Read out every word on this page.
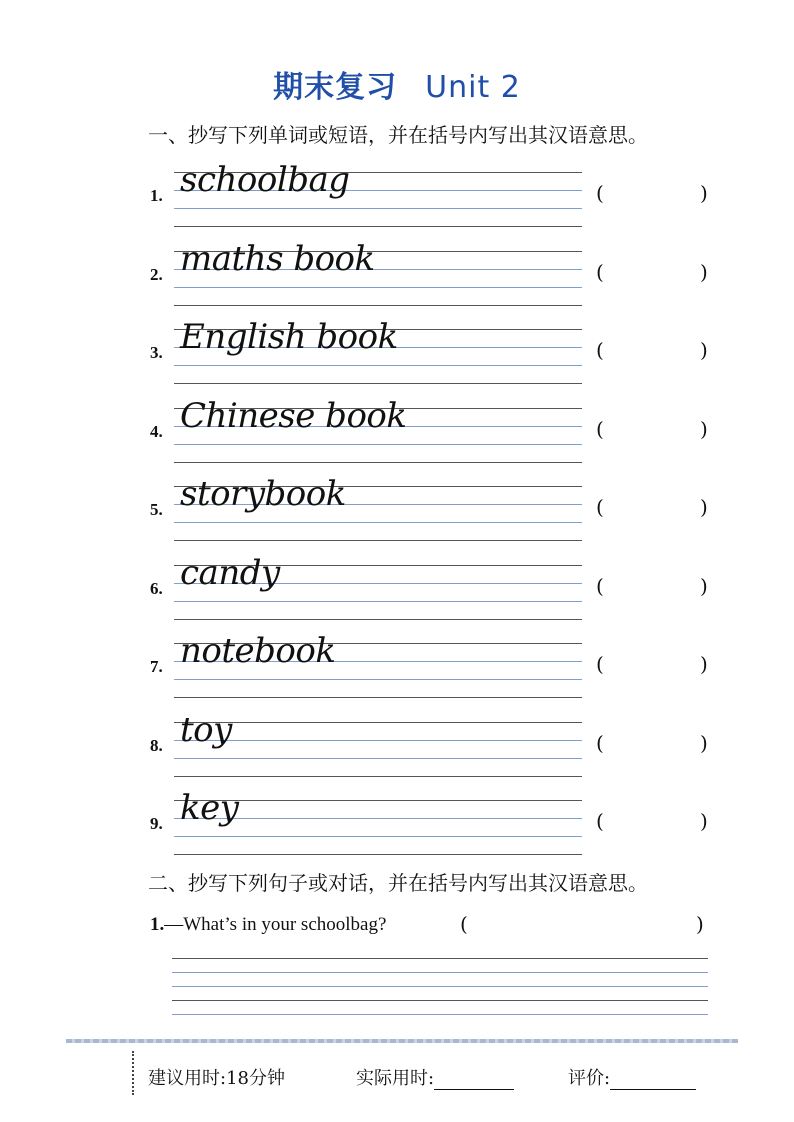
期末复习 Unit 2
一、抄写下列单词或短语，并在括号内写出其汉语意思。
1. schoolbag	(	)
2. maths book	(	)
3. English book	(	)
4. Chinese book	(	)
5. storybook	(	)
6. candy	(	)
7. notebook	(	)
8. toy	(	)
9. key	(	)
二、抄写下列句子或对话，并在括号内写出其汉语意思。
1.—What’s in your schoolbag?	(	)
建议用时:18分钟	实际用时:	评价:
